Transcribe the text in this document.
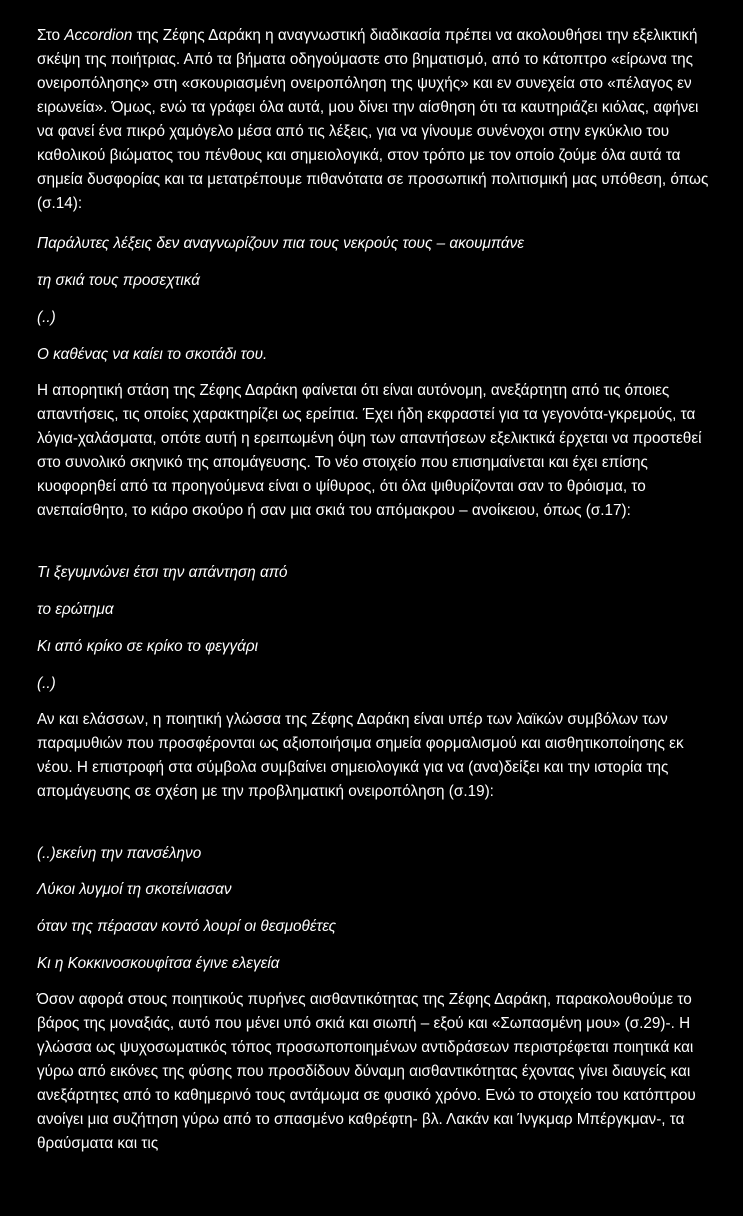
Στο Accordion της Ζέφης Δαράκη η αναγνωστική διαδικασία πρέπει να ακολουθήσει την εξελικτική σκέψη της ποιήτριας. Από τα βήματα οδηγούμαστε στο βηματισμό, από το κάτοπτρο «είρωνα της ονειροπόλησης» στη «σκουριασμένη ονειροπόληση της ψυχής» και εν συνεχεία στο «πέλαγος εν ειρωνεία». Όμως, ενώ τα γράφει όλα αυτά, μου δίνει την αίσθηση ότι τα καυτηριάζει κιόλας, αφήνει να φανεί ένα πικρό χαμόγελο μέσα από τις λέξεις, για να γίνουμε συνένοχοι στην εγκύκλιο του καθολικού βιώματος του πένθους και σημειολογικά, στον τρόπο με τον οποίο ζούμε όλα αυτά τα σημεία δυσφορίας και τα μετατρέπουμε πιθανότατα σε προσωπική πολιτισμική μας υπόθεση, όπως (σ.14):
Παράλυτες λέξεις δεν αναγνωρίζουν πια τους νεκρούς τους – ακουμπάνε
τη σκιά τους προσεχτικά
(..)
Ο καθένας να καίει το σκοτάδι του.
Η απορητική στάση της Ζέφης Δαράκη φαίνεται ότι είναι αυτόνομη, ανεξάρτητη από τις όποιες απαντήσεις, τις οποίες χαρακτηρίζει ως ερείπια. Έχει ήδη εκφραστεί για τα γεγονότα-γκρεμούς, τα λόγια-χαλάσματα, οπότε αυτή η ερειπωμένη όψη των απαντήσεων εξελικτικά έρχεται να προστεθεί στο συνολικό σκηνικό της απομάγευσης. Το νέο στοιχείο που επισημαίνεται και έχει επίσης κυοφορηθεί από τα προηγούμενα είναι ο ψίθυρος, ότι όλα ψιθυρίζονται σαν το θρόισμα, το ανεπαίσθητο, το κιάρο σκούρο ή σαν μια σκιά του απόμακρου – ανοίκειου, όπως (σ.17):
Τι ξεγυμνώνει έτσι την απάντηση από
το ερώτημα
Κι από κρίκο σε κρίκο το φεγγάρι
(..)
Αν και ελάσσων, η ποιητική γλώσσα της Ζέφης Δαράκη είναι υπέρ των λαϊκών συμβόλων των παραμυθιών που προσφέρονται ως αξιοποιήσιμα σημεία φορμαλισμού και αισθητικοποίησης εκ νέου. Η επιστροφή στα σύμβολα συμβαίνει σημειολογικά για να (ανα)δείξει και την ιστορία της απομάγευσης σε σχέση με την προβληματική ονειροπόληση (σ.19):
(..)εκείνη την πανσέληνο
Λύκοι λυγμοί τη σκοτείνιασαν
όταν της πέρασαν κοντό λουρί οι θεσμοθέτες
Κι η Κοκκινοσκουφίτσα έγινε ελεγεία
Όσον αφορά στους ποιητικούς πυρήνες αισθαντικότητας της Ζέφης Δαράκη, παρακολουθούμε το βάρος της μοναξιάς, αυτό που μένει υπό σκιά και σιωπή – εξού και «Σωπασμένη μου» (σ.29)-. Η γλώσσα ως ψυχοσωματικός τόπος προσωποποιημένων αντιδράσεων περιστρέφεται ποιητικά και γύρω από εικόνες της φύσης που προσδίδουν δύναμη αισθαντικότητας έχοντας γίνει διαυγείς και ανεξάρτητες από το καθημερινό τους αντάμωμα σε φυσικό χρόνο. Ενώ το στοιχείο του κατόπτρου ανοίγει μια συζήτηση γύρω από το σπασμένο καθρέφτη- βλ. Λακάν και Ίνγκμαρ Μπέργκμαν-, τα θραύσματα και τις
